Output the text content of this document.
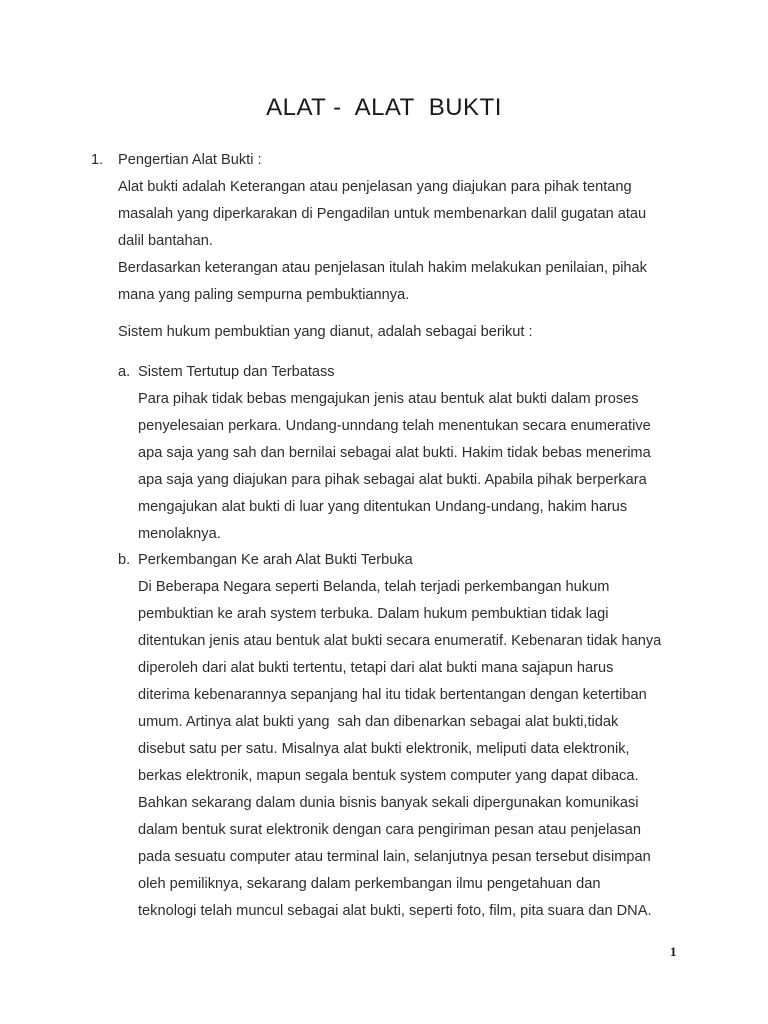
ALAT -  ALAT  BUKTI
1. Pengertian Alat Bukti :
Alat bukti adalah Keterangan atau penjelasan yang diajukan para pihak tentang
masalah yang diperkarakan di Pengadilan untuk membenarkan dalil gugatan atau
dalil bantahan.
Berdasarkan keterangan atau penjelasan itulah hakim melakukan penilaian, pihak
mana yang paling sempurna pembuktiannya.
Sistem hukum pembuktian yang dianut, adalah sebagai berikut :
a. Sistem Tertutup dan Terbatass
Para pihak tidak bebas mengajukan jenis atau bentuk alat bukti dalam proses
penyelesaian perkara. Undang-unndang telah menentukan secara enumerative
apa saja yang sah dan bernilai sebagai alat bukti. Hakim tidak bebas menerima
apa saja yang diajukan para pihak sebagai alat bukti. Apabila pihak berperkara
mengajukan alat bukti di luar yang ditentukan Undang-undang, hakim harus
menolaknya.
b. Perkembangan Ke arah Alat Bukti Terbuka
Di Beberapa Negara seperti Belanda, telah terjadi perkembangan hukum
pembuktian ke arah system terbuka. Dalam hukum pembuktian tidak lagi
ditentukan jenis atau bentuk alat bukti secara enumeratif. Kebenaran tidak hanya
diperoleh dari alat bukti tertentu, tetapi dari alat bukti mana sajapun harus
diterima kebenarannya sepanjang hal itu tidak bertentangan dengan ketertiban
umum. Artinya alat bukti yang  sah dan dibenarkan sebagai alat bukti,tidak
disebut satu per satu. Misalnya alat bukti elektronik, meliputi data elektronik,
berkas elektronik, mapun segala bentuk system computer yang dapat dibaca.
Bahkan sekarang dalam dunia bisnis banyak sekali dipergunakan komunikasi
dalam bentuk surat elektronik dengan cara pengiriman pesan atau penjelasan
pada sesuatu computer atau terminal lain, selanjutnya pesan tersebut disimpan
oleh pemiliknya, sekarang dalam perkembangan ilmu pengetahuan dan
teknologi telah muncul sebagai alat bukti, seperti foto, film, pita suara dan DNA.
1
